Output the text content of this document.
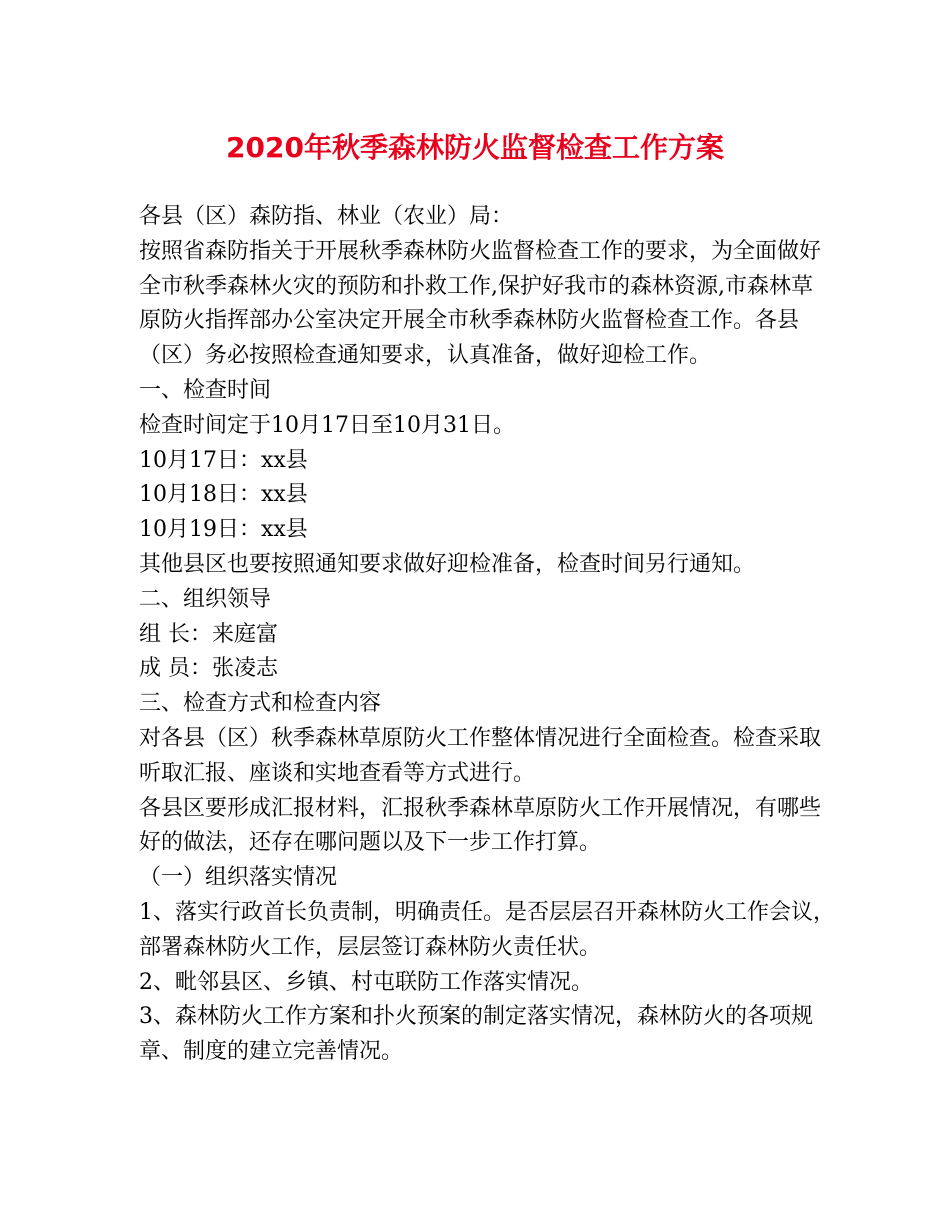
2020年秋季森林防火监督检查工作方案
各县（区）森防指、林业（农业）局：
按照省森防指关于开展秋季森林防火监督检查工作的要求，为全面做好
全市秋季森林火灾的预防和扑救工作,保护好我市的森林资源,市森林草
原防火指挥部办公室决定开展全市秋季森林防火监督检查工作。各县
（区）务必按照检查通知要求，认真准备，做好迎检工作。
一、检查时间
检查时间定于10月17日至10月31日。
10月17日：xx县
10月18日：xx县
10月19日：xx县
其他县区也要按照通知要求做好迎检准备，检查时间另行通知。
二、组织领导
组 长：来庭富
成 员：张凌志
三、检查方式和检查内容
对各县（区）秋季森林草原防火工作整体情况进行全面检查。检查采取
听取汇报、座谈和实地查看等方式进行。
各县区要形成汇报材料，汇报秋季森林草原防火工作开展情况，有哪些
好的做法，还存在哪问题以及下一步工作打算。
（一）组织落实情况
1、落实行政首长负责制，明确责任。是否层层召开森林防火工作会议，
部署森林防火工作，层层签订森林防火责任状。
2、毗邻县区、乡镇、村屯联防工作落实情况。
3、森林防火工作方案和扑火预案的制定落实情况，森林防火的各项规
章、制度的建立完善情况。
